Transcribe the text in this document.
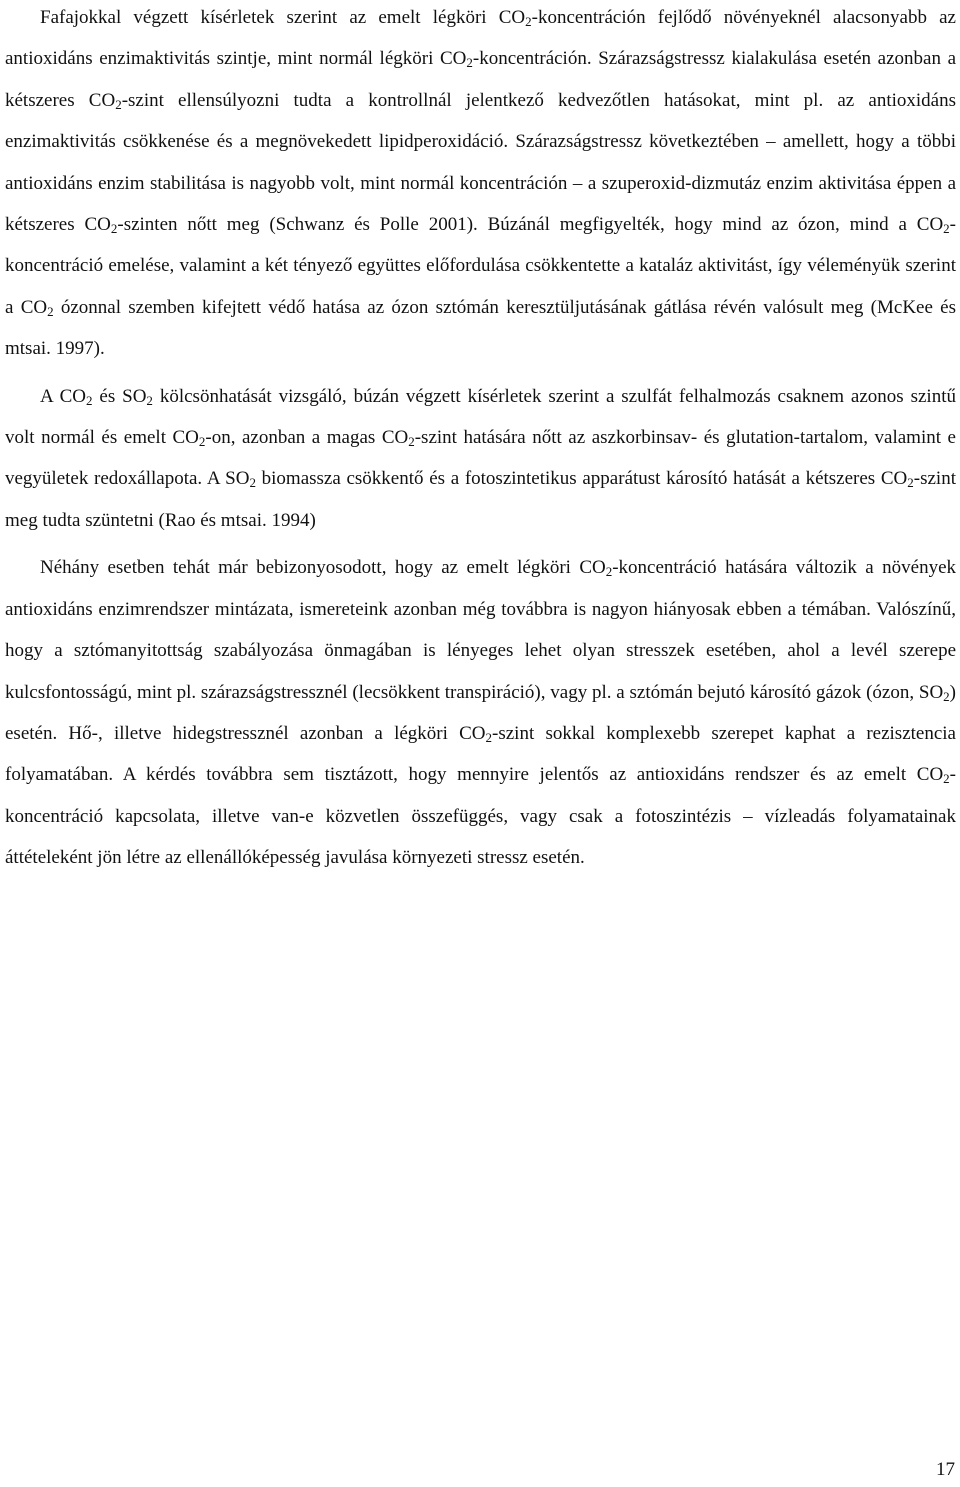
Fafajokkal végzett kísérletek szerint az emelt légköri $CO_2$-koncentráción fejlődő növényeknél alacsonyabb az antioxidáns enzimaktivitás szintje, mint normál légköri $CO_2$-koncentráción. Szárazságstressz kialakulása esetén azonban a kétszeres $CO_2$-szint ellensúlyozni tudta a kontrollnál jelentkező kedvezőtlen hatásokat, mint pl. az antioxidáns enzimaktivitás csökkenése és a megnövekedett lipidperoxidáció. Szárazságstressz következtében – amellett, hogy a többi antioxidáns enzim stabilitása is nagyobb volt, mint normál koncentráción – a szuperoxid-dizmutáz enzim aktivitása éppen a kétszeres $CO_2$-szinten nőtt meg (Schwanz és Polle 2001). Búzánál megfigyelték, hogy mind az ózon, mind a $CO_2$-koncentráció emelése, valamint a két tényező együttes előfordulása csökkentette a kataláz aktivitást, így véleményük szerint a $CO_2$ ózonnal szemben kifejtett védő hatása az ózon sztómán keresztüljutásának gátlása révén valósult meg (McKee és mtsai. 1997).

A $CO_2$ és $SO_2$ kölcsönhatását vizsgáló, búzán végzett kísérletek szerint a szulfát felhalmozás csaknem azonos szintű volt normál és emelt $CO_2-on$, azonban a magas $CO_2$-szint hatására nőtt az aszkorbinsav- és glutation-tartalom, valamint e vegyületek redoxállapota. A $SO_2$ biomassza csökkentő és a fotoszintetikus apparátust károsító hatását a kétszeres $CO_2$-szint meg tudta szüntetni (Rao és mtsai. 1994)

Néhány esetben tehát már bebizonyosodott, hogy az emelt légköri $CO_2$-koncentráció hatására változik a növények antioxidáns enzimrendszer mintázata, ismereteink azonban még továbbra is nagyon hiányosak ebben a témában. Valószínű, hogy a sztómanyitottság szabályozása önmagában is lényeges lehet olyan stresszek esetében, ahol a levél szerepe kulcsfontosságú, mint pl. szárazságstressznél (lecsökkent transpiráció), vagy pl. a sztómán bejutó károsító gázok (ózon, $SO_2$) esetén. Hő-, illetve hidegstressznél azonban a légköri $CO_2$-szint sokkal komplexebb szerepet kaphat a rezisztencia folyamatában. A kérdés továbbra sem tisztázott, hogy mennyire jelentős az antioxidáns rendszer és az emelt $CO_2$-koncentráció kapcsolata, illetve van-e közvetlen összefüggés, vagy csak a fotoszintézis – vízleadás folyamatainak áttételeként jön létre az ellenállóképesség javulása környezeti stressz esetén.

17
